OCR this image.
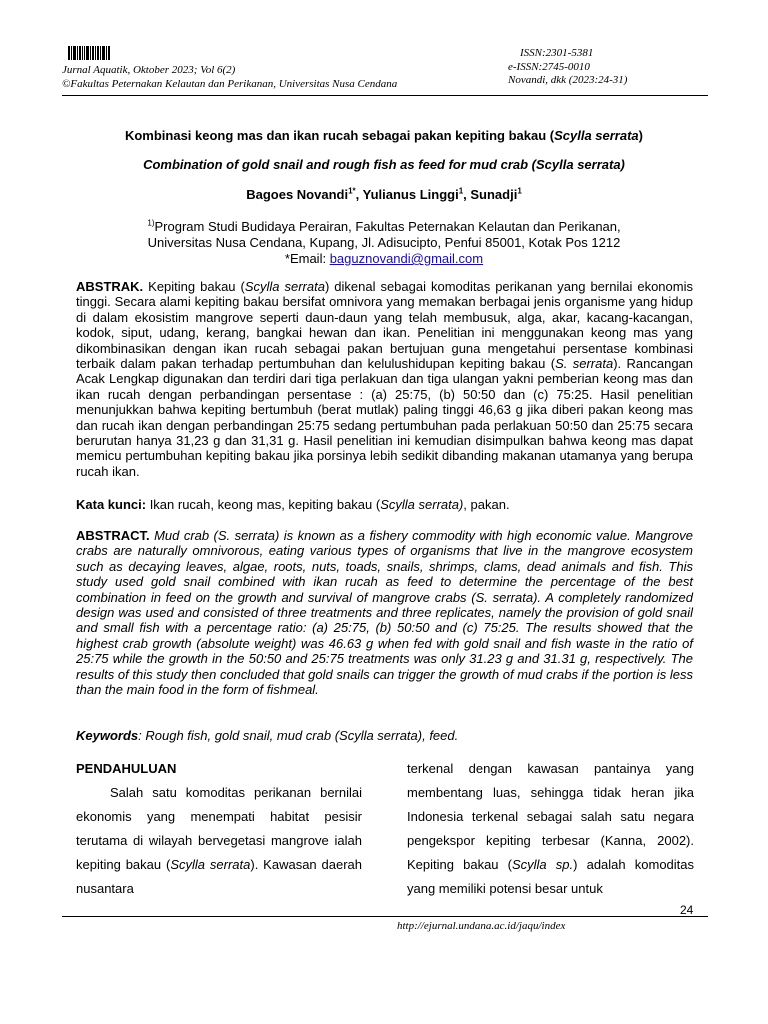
Jurnal Aquatik, Oktober 2023; Vol 6(2)
©Fakultas Peternakan Kelautan dan Perikanan, Universitas Nusa Cendana
ISSN:2301-5381
e-ISSN:2745-0010
Novandi, dkk (2023:24-31)
Kombinasi keong mas dan ikan rucah sebagai pakan kepiting bakau (Scylla serrata)
Combination of gold snail and rough fish as feed for mud crab (Scylla serrata)
Bagoes Novandi$^{1*}$, Yulianus Linggi$^1$, Sunadji$^1$
$^{1)}$Program Studi Budidaya Perairan, Fakultas Peternakan Kelautan dan Perikanan,
Universitas Nusa Cendana, Kupang, Jl. Adisucipto, Penfui 85001, Kotak Pos 1212
*Email: baguznovandi@gmail.com
ABSTRAK. Kepiting bakau (Scylla serrata) dikenal sebagai komoditas perikanan yang bernilai ekonomis tinggi. Secara alami kepiting bakau bersifat omnivora yang memakan berbagai jenis organisme yang hidup di dalam ekosistim mangrove seperti daun-daun yang telah membusuk, alga, akar, kacang-kacangan, kodok, siput, udang, kerang, bangkai hewan dan ikan. Penelitian ini menggunakan keong mas yang dikombinasikan dengan ikan rucah sebagai pakan bertujuan guna mengetahui persentase kombinasi terbaik dalam pakan terhadap pertumbuhan dan kelulushidupan kepiting bakau (S. serrata). Rancangan Acak Lengkap digunakan dan terdiri dari tiga perlakuan dan tiga ulangan yakni pemberian keong mas dan ikan rucah dengan perbandingan persentase : (a) 25:75, (b) 50:50 dan (c) 75:25. Hasil penelitian menunjukkan bahwa kepiting bertumbuh (berat mutlak) paling tinggi 46,63 g jika diberi pakan keong mas dan rucah ikan dengan perbandingan 25:75 sedang pertumbuhan pada perlakuan 50:50 dan 25:75 secara berurutan hanya 31,23 g dan 31,31 g. Hasil penelitian ini kemudian disimpulkan bahwa keong mas dapat memicu pertumbuhan kepiting bakau jika porsinya lebih sedikit dibanding makanan utamanya yang berupa rucah ikan.
Kata kunci: Ikan rucah, keong mas, kepiting bakau (Scylla serrata), pakan.
ABSTRACT. Mud crab (S. serrata) is known as a fishery commodity with high economic value. Mangrove crabs are naturally omnivorous, eating various types of organisms that live in the mangrove ecosystem such as decaying leaves, algae, roots, nuts, toads, snails, shrimps, clams, dead animals and fish. This study used gold snail combined with ikan rucah as feed to determine the percentage of the best combination in feed on the growth and survival of mangrove crabs (S. serrata). A completely randomized design was used and consisted of three treatments and three replicates, namely the provision of gold snail and small fish with a percentage ratio: (a) 25:75, (b) 50:50 and (c) 75:25. The results showed that the highest crab growth (absolute weight) was 46.63 g when fed with gold snail and fish waste in the ratio of 25:75 while the growth in the 50:50 and 25:75 treatments was only 31.23 g and 31.31 g, respectively. The results of this study then concluded that gold snails can trigger the growth of mud crabs if the portion is less than the main food in the form of fishmeal.
Keywords: Rough fish, gold snail, mud crab (Scylla serrata), feed.
PENDAHULUAN
Salah satu komoditas perikanan bernilai ekonomis yang menempati habitat pesisir terutama di wilayah bervegetasi mangrove ialah kepiting bakau (Scylla serrata). Kawasan daerah nusantara
terkenal dengan kawasan pantainya yang membentang luas, sehingga tidak heran jika Indonesia terkenal sebagai salah satu negara pengekspor kepiting terbesar (Kanna, 2002). Kepiting bakau (Scylla sp.) adalah komoditas yang memiliki potensi besar untuk
24
http://ejurnal.undana.ac.id/jaqu/index
